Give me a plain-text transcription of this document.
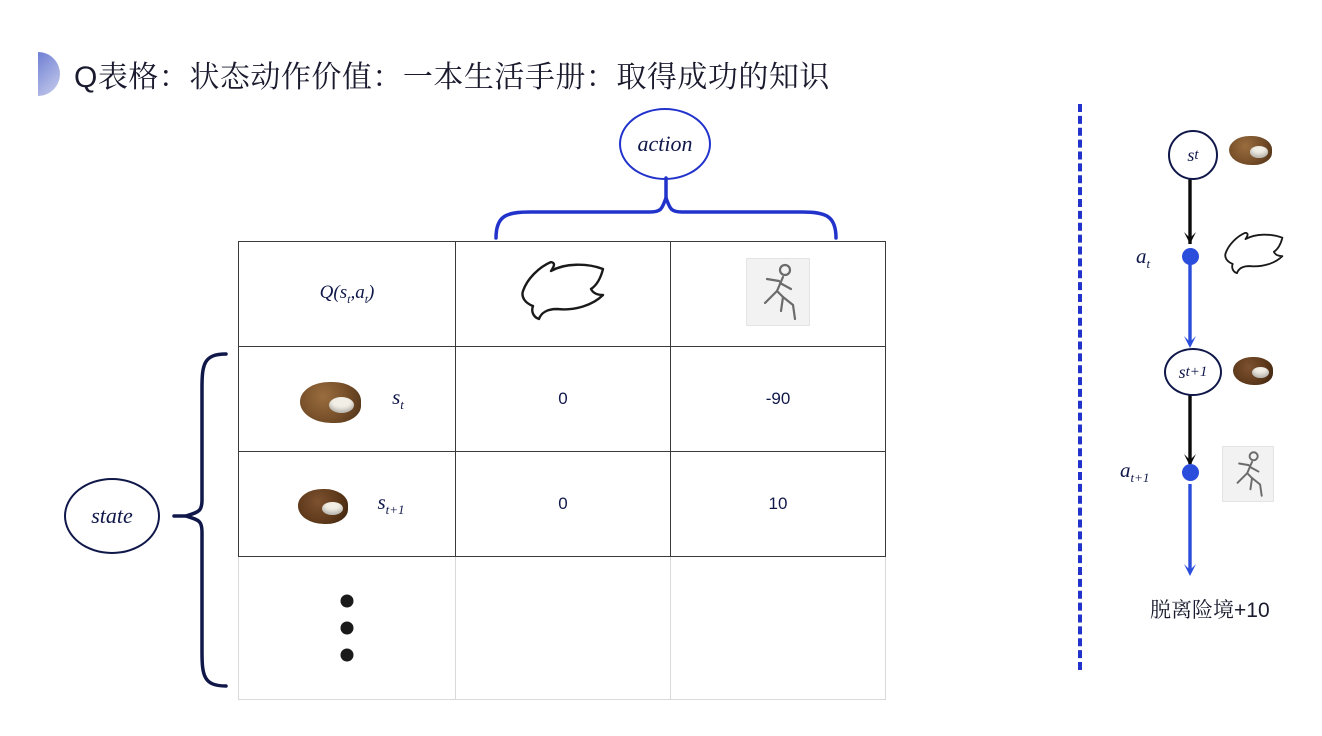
Q表格：状态动作价值：一本生活手册：取得成功的知识
action
state
$Q(s_t,a_t)$	

$s_t$	0	-90

$s_{t+1}$	0	10

s t
$a_t$
s t+1
$a_{t+1}$
脱离险境+10
